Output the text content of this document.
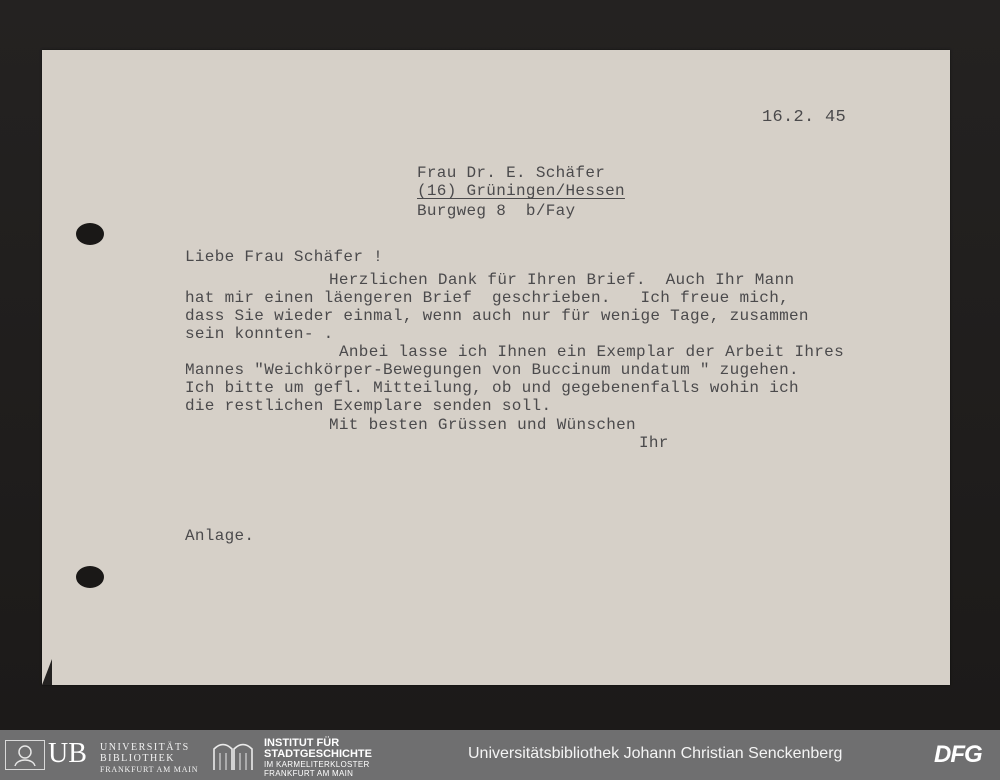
16.2. 45
Frau Dr. E. Schäfer
(16) Grüningen/Hessen
Burgweg 8  b/Fay
Liebe Frau Schäfer !
Herzlichen Dank für Ihren Brief.  Auch Ihr Mann
hat mir einen läengeren Brief  geschrieben.   Ich freue mich,
dass Sie wieder einmal, wenn auch nur für wenige Tage, zusammen
sein konnten- .
Anbei lasse ich Ihnen ein Exemplar der Arbeit Ihres
Mannes "Weichkörper-Bewegungen von Buccinum undatum " zugehen.
Ich bitte um gefl. Mitteilung, ob und gegebenenfalls wohin ich
die restlichen Exemplare senden soll.
Mit besten Grüssen und Wünschen
Ihr
Anlage.
UB UNIVERSITÄTS
BIBLIOTHEK
FRANKFURT AM MAIN
INSTITUT FÜR
STADTGESCHICHTE
IM KARMELITERKLOSTER
FRANKFURT AM MAIN
Universitätsbibliothek Johann Christian Senckenberg	DFG
